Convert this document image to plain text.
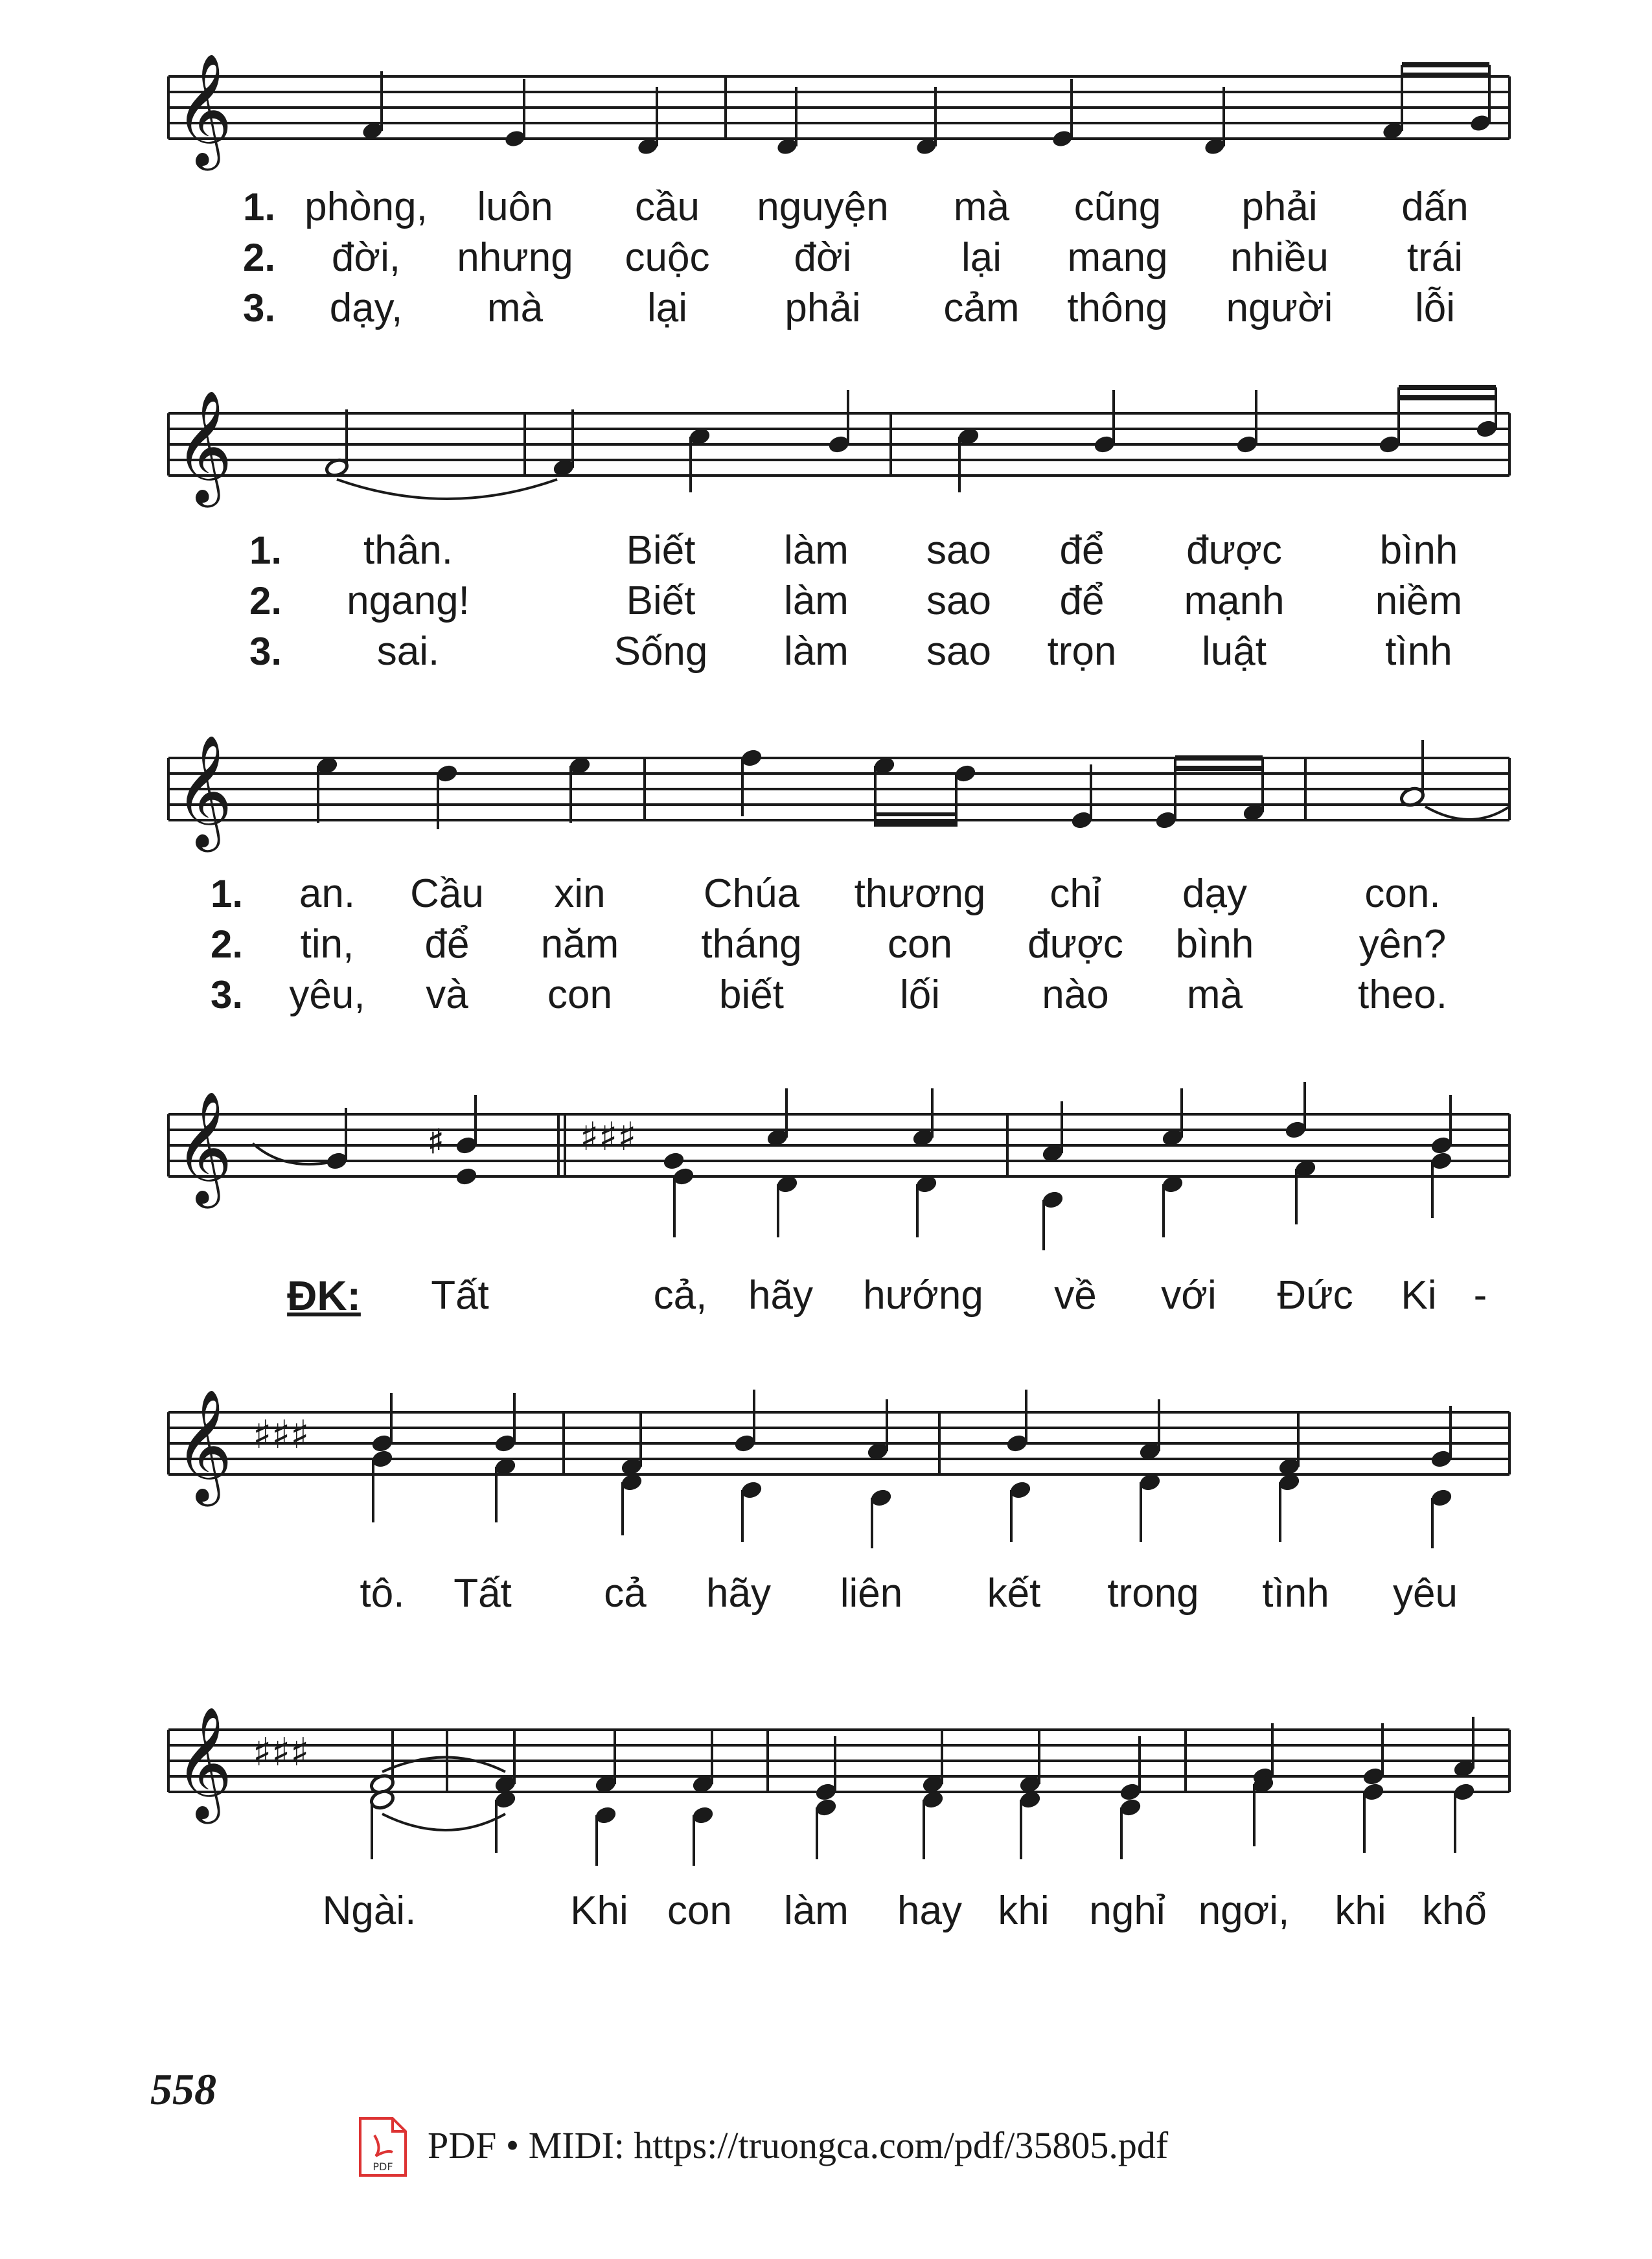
𝄞
1. phòng, luôn cầu nguyện mà cũng phải dấn
2. đời, nhưng cuộc đời	lại mang nhiều trái
3. dạy, mà	lại phải cảm thông người lỗi
𝄞
1. thân.	Biết làm sao để được bình
2. ngang!	Biết làm sao để mạnh niềm
3. sai.	Sống làm sao trọn luật	tình
𝄞
1. an. Cầu xin Chúa thương chỉ dạy	con.
2. tin, để năm tháng con được bình	yên?
3. yêu, và con	biết	lối	nào mà	theo.
𝄞	♯♯♯
♯
ĐK: Tất	cả, hãy hướng về với Đức Ki -
𝄞 ♯♯♯
tô. Tất cả hãy liên kết trong tình yêu
𝄞 ♯♯♯
Ngài.	Khi con làm hay khi nghỉ ngơi, khi khổ
558
PDF
PDF • MIDI: https://truongca.com/pdf/35805.pdf
